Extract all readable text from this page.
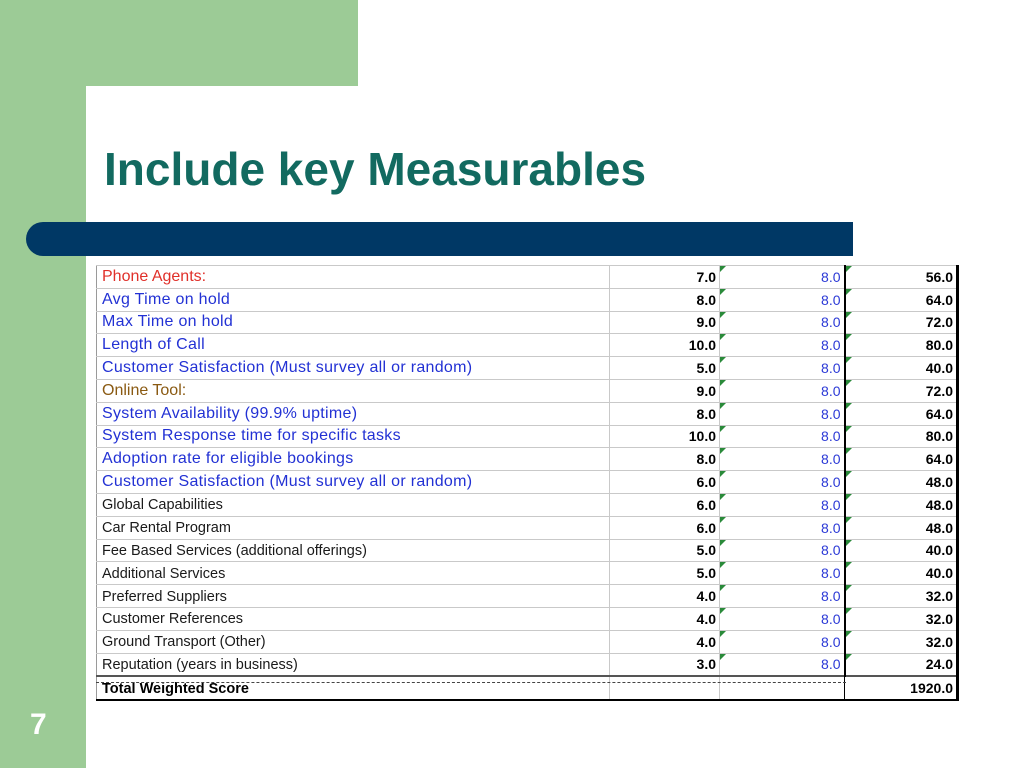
Include key Measurables
Phone Agents:	7.0	8.0	56.0
Avg Time on hold	8.0	8.0	64.0
Max Time on hold	9.0	8.0	72.0
Length of Call	10.0	8.0	80.0
Customer Satisfaction (Must survey all or random)	5.0	8.0	40.0
Online Tool:	9.0	8.0	72.0
System Availability (99.9% uptime)	8.0	8.0	64.0
System Response time for specific tasks	10.0	8.0	80.0
Adoption rate for eligible bookings	8.0	8.0	64.0
Customer Satisfaction (Must survey all or random)	6.0	8.0	48.0
Global Capabilities	6.0	8.0	48.0
Car Rental Program	6.0	8.0	48.0
Fee Based Services (additional offerings)	5.0	8.0	40.0
Additional Services	5.0	8.0	40.0
Preferred Suppliers	4.0	8.0	32.0
Customer References	4.0	8.0	32.0
Ground Transport (Other)	4.0	8.0	32.0
Reputation (years in business)	3.0	8.0	24.0
Total Weighted Score			1920.0
7
